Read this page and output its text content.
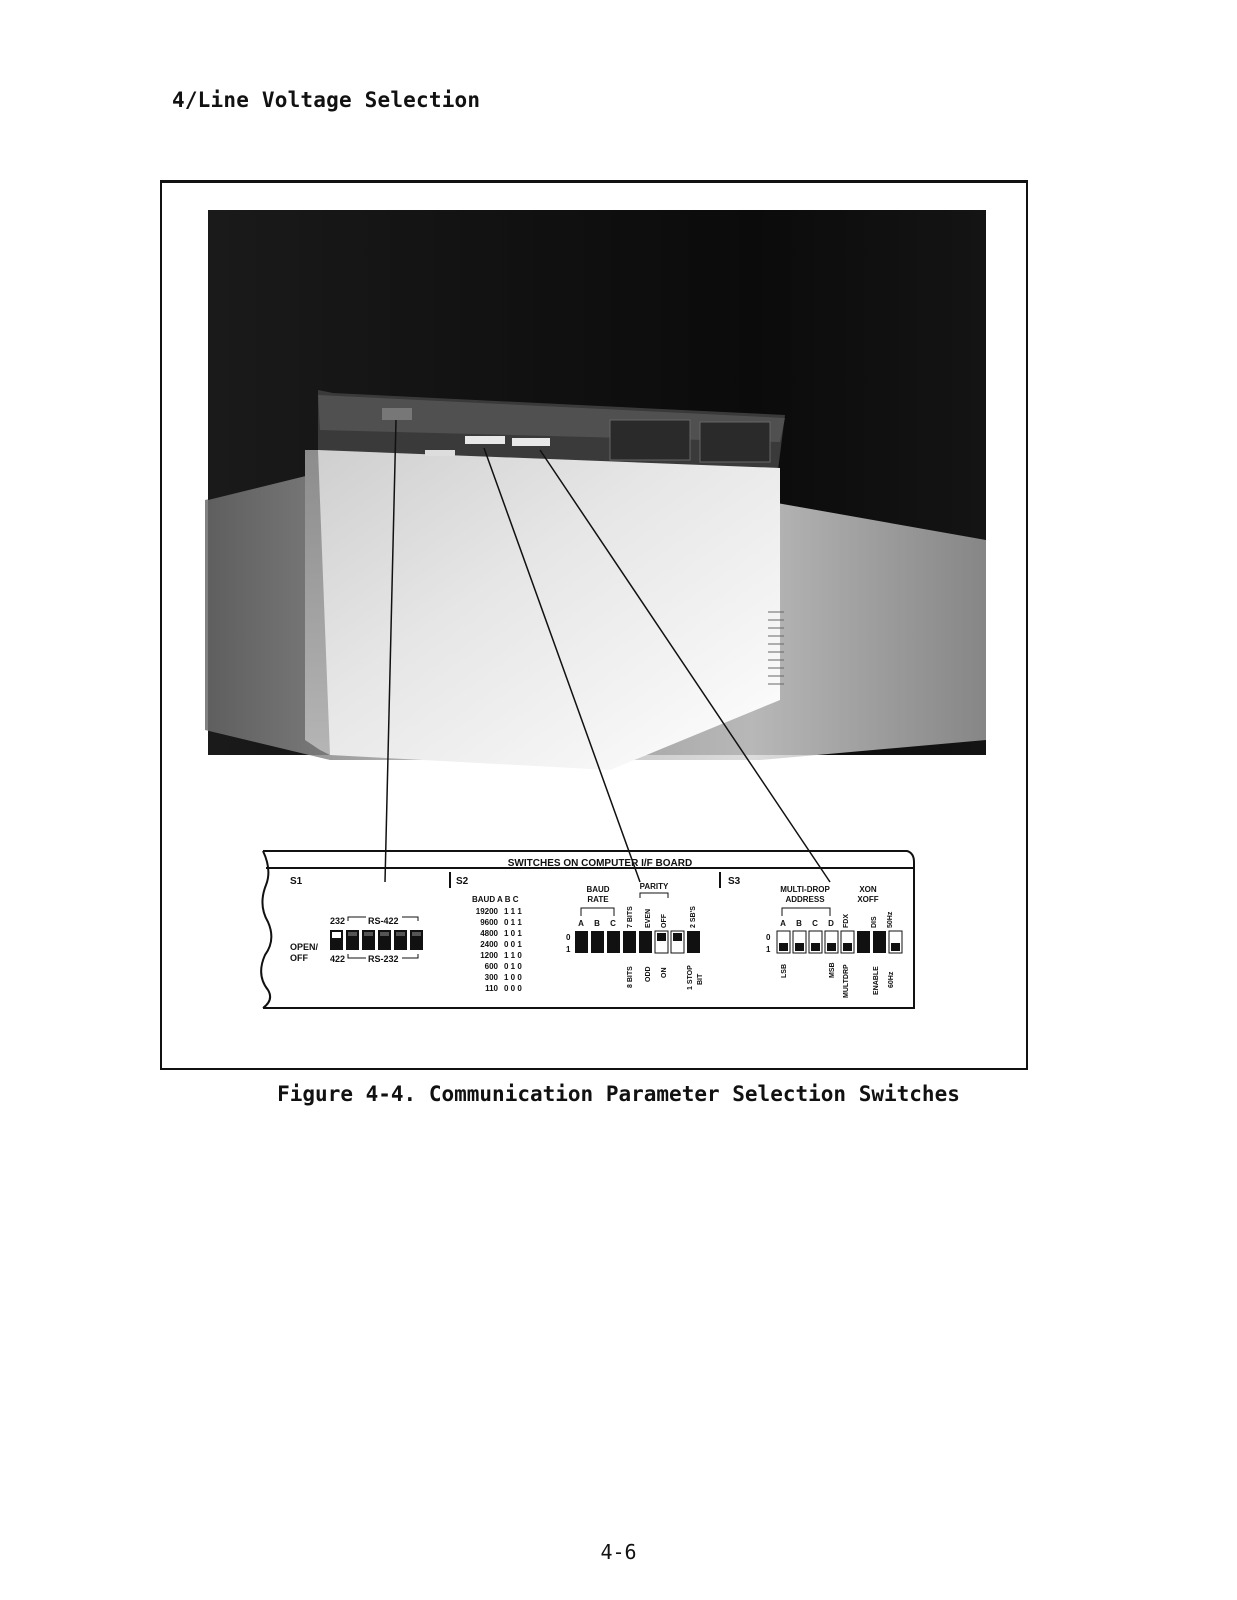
4/Line Voltage Selection
SWITCHES ON COMPUTER I/F BOARD
S1
232	RS-422
OPEN/
OFF 422	RS-232
S2
BAUD A B C
19200 1 1 1
9600 0 1 1
4800 1 0 1
2400 0 0 1
1200 1 1 0
600 0 1 0
300 1 0 0
110 0 0 0
BAUD
RATE
PARITY
A B C 7 BITS EVEN OFF	2 SB'S
0
1
8 BITS ODD ON	1 STOP BIT
S3
MULTI-DROP
ADDRESS
XON
XOFF
A B C D FDX	DIS 50Hz
0
1
LSB	MSB MULTDRP	ENABLE 60Hz
Figure 4-4. Communication Parameter Selection Switches
4-6
